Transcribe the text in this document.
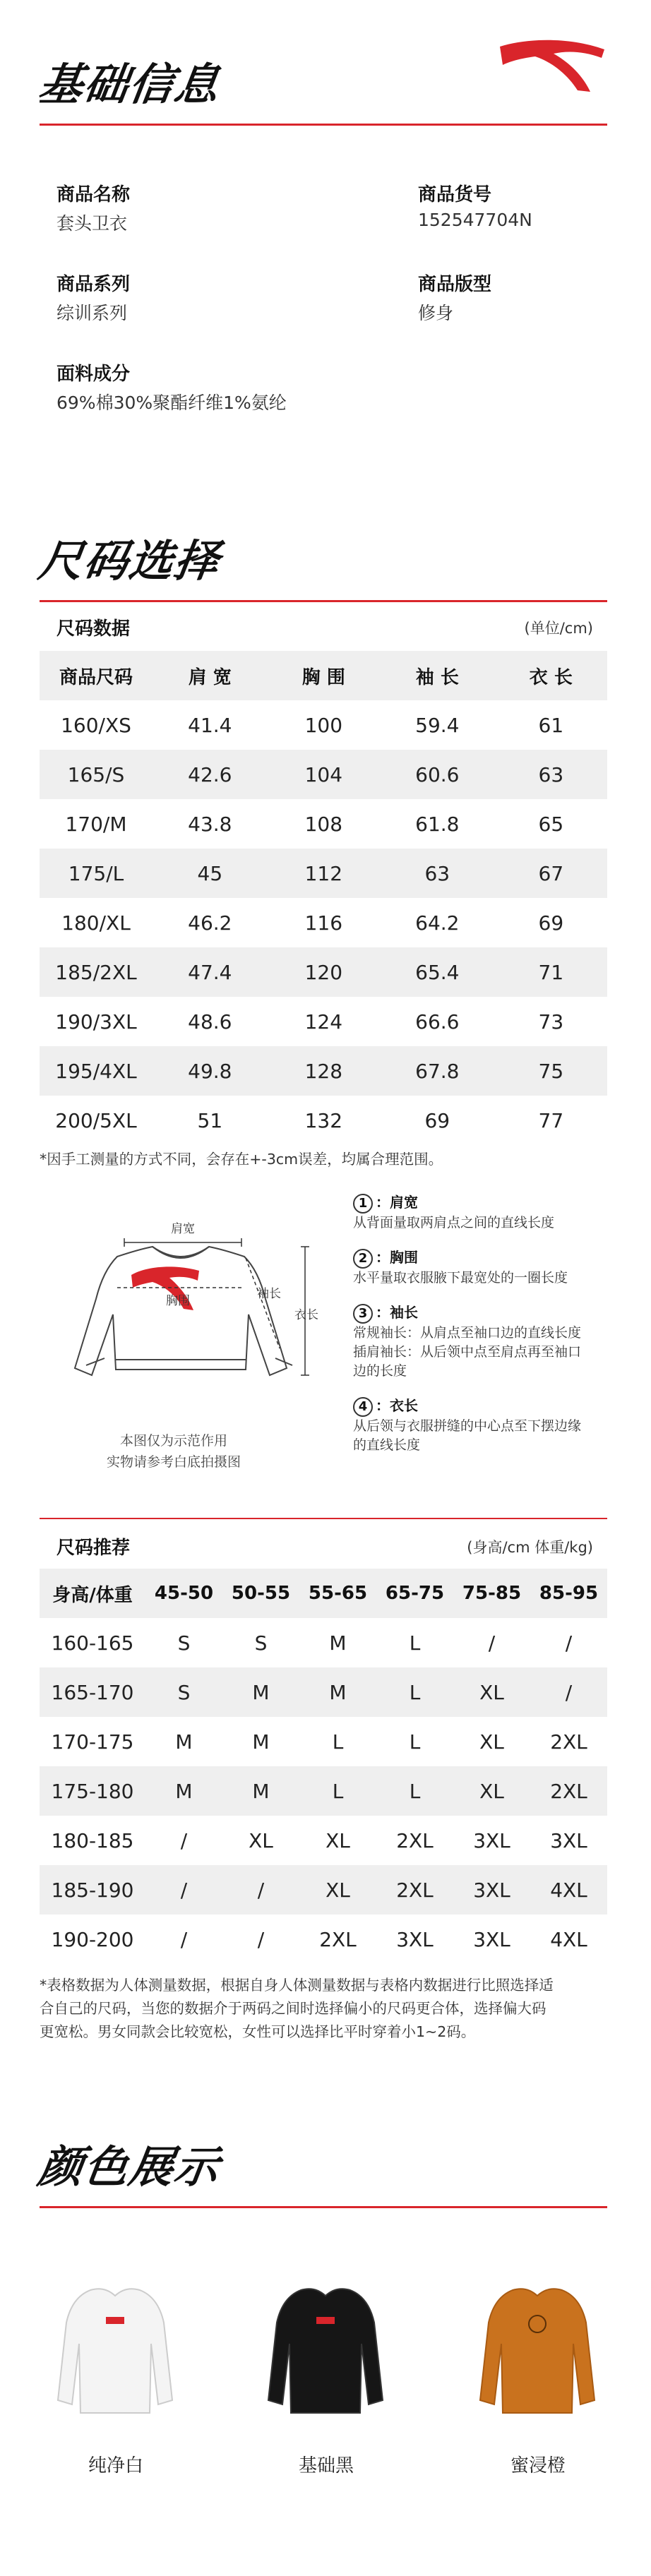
基础信息
商品名称
套头卫衣
商品货号
152547704N
商品系列
综训系列
商品版型
修身
面料成分
69%棉30%聚酯纤维1%氨纶
尺码选择
尺码数据	(单位/cm)
商品尺码	肩 宽	胸 围	袖 长	衣 长
160/XS	41.4	100	59.4	61
165/S	42.6	104	60.6	63
170/M	43.8	108	61.8	65
175/L	45	112	63	67
180/XL	46.2	116	64.2	69
185/2XL	47.4	120	65.4	71
190/3XL	48.6	124	66.6	73
195/4XL	49.8	128	67.8	75
200/5XL	51	132	69	77
*因手工测量的方式不同，会存在+-3cm误差，均属合理范围。
肩宽
袖长
衣长
胸围
本图仅为示范作用
实物请参考白底拍摄图
1 ：肩宽
从背面量取两肩点之间的直线长度
2 ：胸围
水平量取衣服腋下最宽处的一圈长度
3 ：袖长
常规袖长：从肩点至袖口边的直线长度
插肩袖长：从后领中点至肩点再至袖口
边的长度
4 ：衣长
从后领与衣服拼缝的中心点至下摆边缘
的直线长度
尺码推荐	(身高/cm 体重/kg)
身高/体重	45-50	50-55	55-65	65-75	75-85	85-95
160-165	S	S	M	L	/	/
165-170	S	M	M	L	XL	/
170-175	M	M	L	L	XL	2XL
175-180	M	M	L	L	XL	2XL
180-185	/	XL	XL	2XL	3XL	3XL
185-190	/	/	XL	2XL	3XL	4XL
190-200	/	/	2XL	3XL	3XL	4XL
*表格数据为人体测量数据，根据自身人体测量数据与表格内数据进行比照选择适
合自己的尺码，当您的数据介于两码之间时选择偏小的尺码更合体，选择偏大码
更宽松。男女同款会比较宽松，女性可以选择比平时穿着小1~2码。
颜色展示
纯净白	基础黑	蜜浸橙
